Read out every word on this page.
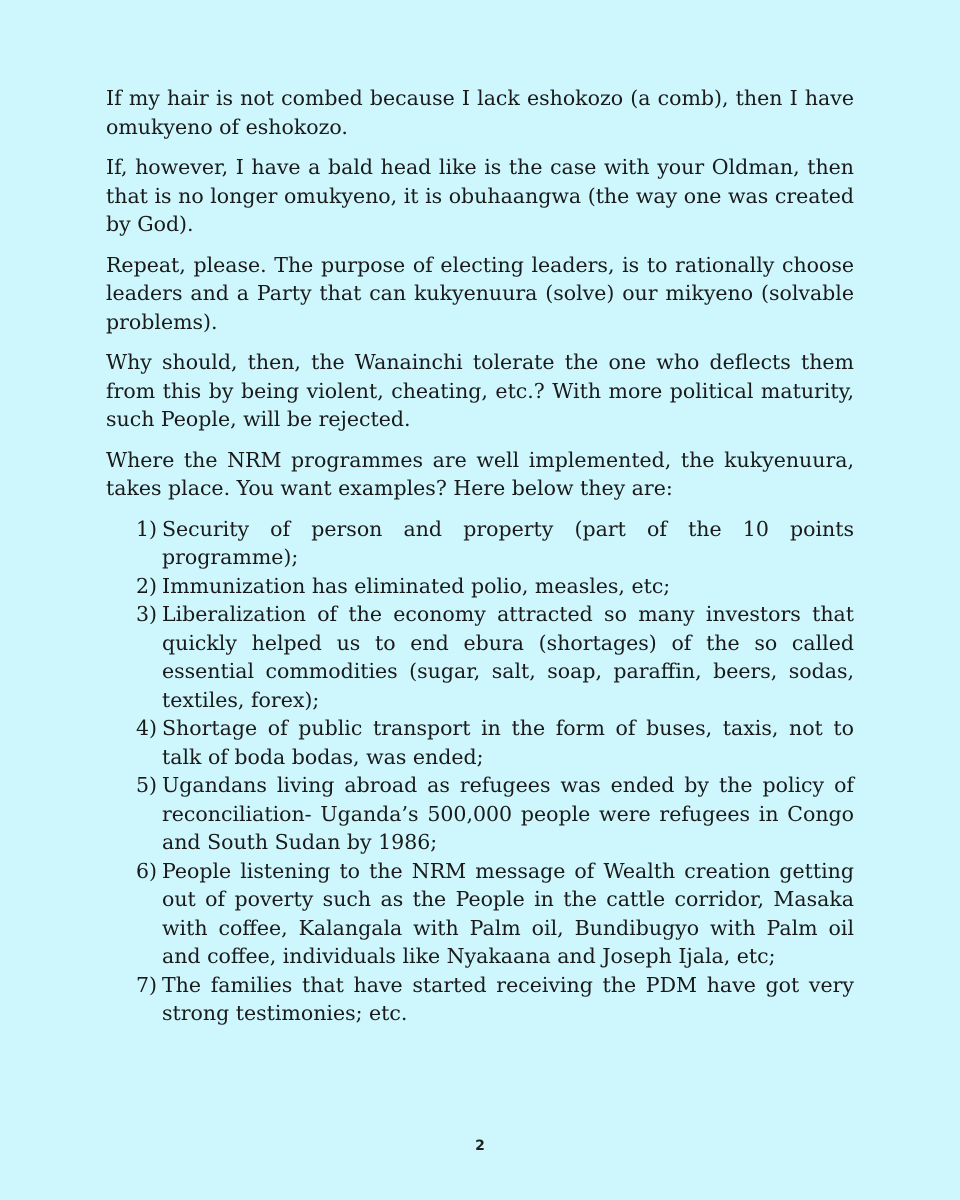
If my hair is not combed because I lack eshokozo (a comb), then I have omukyeno of eshokozo.

If, however, I have a bald head like is the case with your Oldman, then that is no longer omukyeno, it is obuhaangwa (the way one was created by God).

Repeat, please. The purpose of electing leaders, is to rationally choose leaders and a Party that can kukyenuura (solve) our mikyeno (solvable problems).

Why should, then, the Wanainchi tolerate the one who deflects them from this by being violent, cheating, etc.? With more political maturity, such People, will be rejected.

Where the NRM programmes are well implemented, the kukyenuura, takes place. You want examples? Here below they are:

1) Security of person and property (part of the 10 points programme);
2) Immunization has eliminated polio, measles, etc;
3) Liberalization of the economy attracted so many investors that quickly helped us to end ebura (shortages) of the so called essential commodities (sugar, salt, soap, paraffin, beers, sodas, textiles, forex);
4) Shortage of public transport in the form of buses, taxis, not to talk of boda bodas, was ended;
5) Ugandans living abroad as refugees was ended by the policy of reconciliation- Uganda’s 500,000 people were refugees in Congo and South Sudan by 1986;
6) People listening to the NRM message of Wealth creation getting out of poverty such as the People in the cattle corridor, Masaka with coffee, Kalangala with Palm oil, Bundibugyo with Palm oil and coffee, individuals like Nyakaana and Joseph Ijala, etc;
7) The families that have started receiving the PDM have got very strong testimonies; etc.
2
